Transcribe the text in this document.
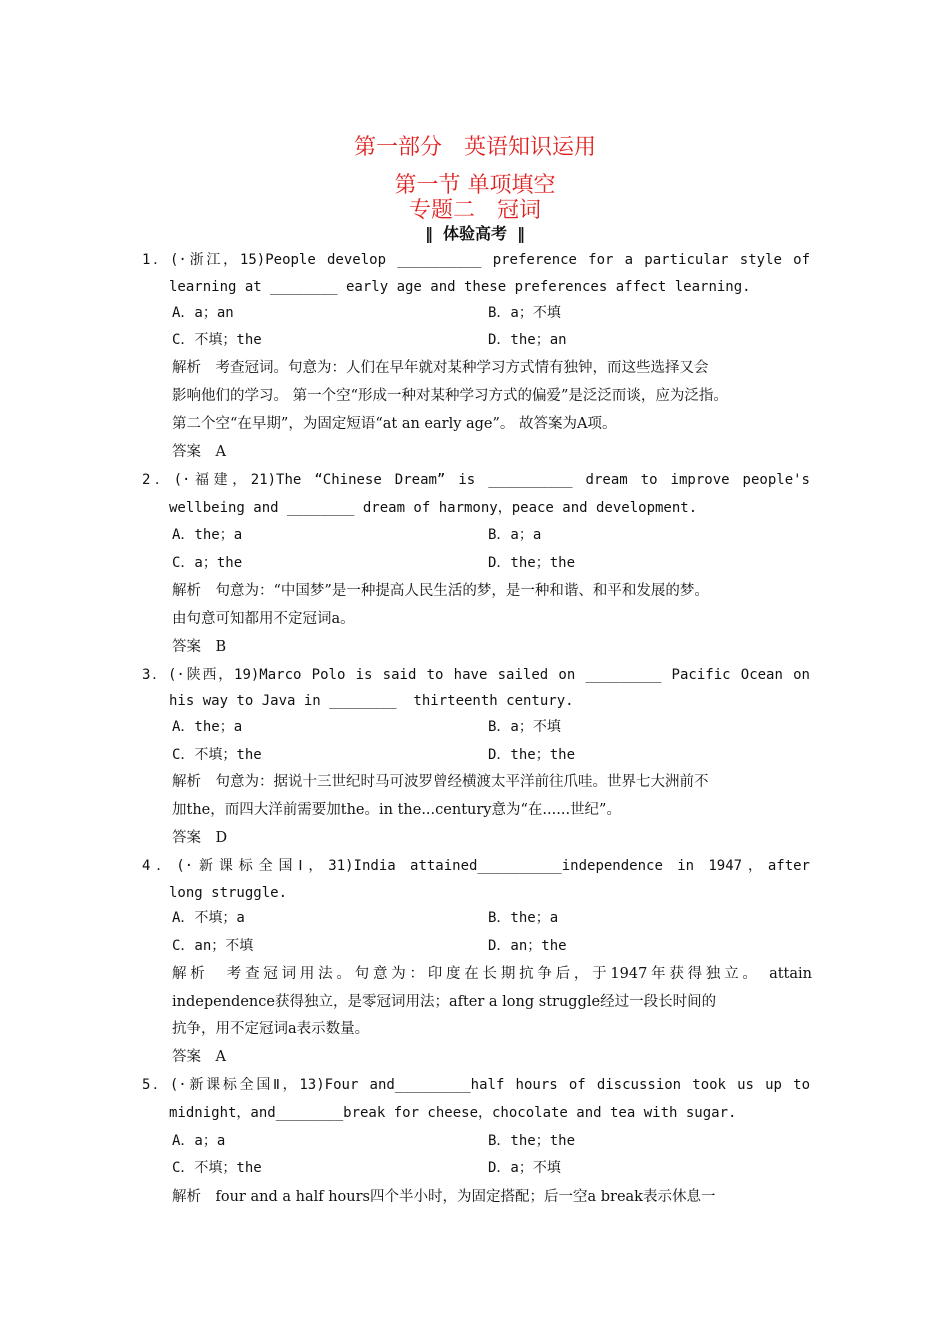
第一部分　英语知识运用
第一节 单项填空
专题二　冠词
‖ 体验高考 ‖
1．(·浙江，15)People develop __________ preference for a particular style of
learning at ________ early age and these preferences affect learning.
A．a；an	B．a；不填
C．不填；the	D．the；an
解析　考查冠词。句意为：人们在早年就对某种学习方式情有独钟，而这些选择又会
影响他们的学习。 第一个空“形成一种对某种学习方式的偏爱”是泛泛而谈，应为泛指。
第二个空“在早期”，为固定短语“at an early age”。 故答案为A项。
答案　A
2．(·福建，21)The “Chinese Dream” is __________ dream to improve people's
wellbeing and ________ dream of harmony，peace and development.
A．the；a	B．a；a
C．a；the	D．the；the
解析　句意为：“中国梦”是一种提高人民生活的梦，是一种和谐、和平和发展的梦。
由句意可知都用不定冠词a。
答案　B
3．(·陕西，19)Marco Polo is said to have sailed on _________ Pacific Ocean on
his way to Java in ________  thirteenth century.
A．the；a	B．a；不填
C．不填；the	D．the；the
解析　句意为：据说十三世纪时马可波罗曾经横渡太平洋前往爪哇。世界七大洲前不
加the，而四大洋前需要加the。in the...century意为“在......世纪”。
答案　D
4．(·新课标全国Ⅰ，31)India attained__________independence in 1947，after
long struggle.
A．不填；a	B．the；a
C．an；不填	D．an；the
解析　考查冠词用法。句意为：印度在长期抗争后，于1947年获得独立。 attain
independence获得独立，是零冠词用法；after a long struggle经过一段长时间的
抗争，用不定冠词a表示数量。
答案　A
5．(·新课标全国Ⅱ，13)Four and_________half hours of discussion took us up to
midnight，and________break for cheese，chocolate and tea with sugar.
A．a；a	B．the；the
C．不填；the	D．a；不填
解析　four and a half hours四个半小时，为固定搭配；后一空a break表示休息一
